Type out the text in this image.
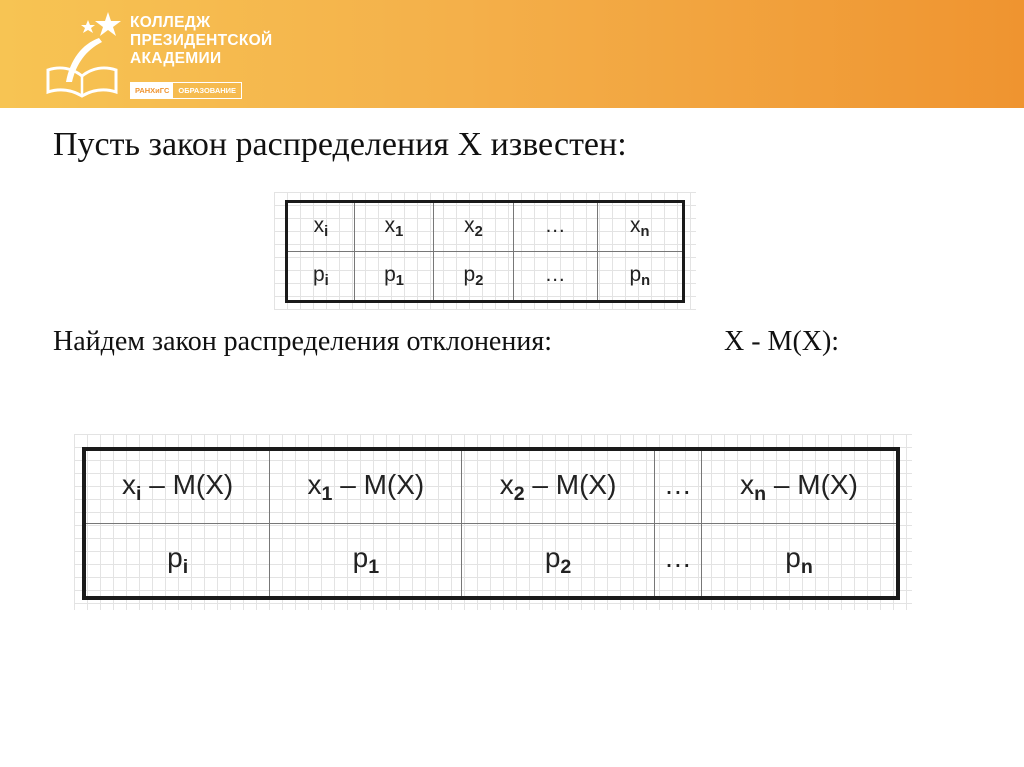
КОЛЛЕДЖ
ПРЕЗИДЕНТСКОЙ
АКАДЕМИИ
РАНХиГС	ОБРАЗОВАНИЕ
Пусть закон распределения X известен:
$x_i$	$x_1$	$x_2$	…	$x_n$
$p_i$	$p_1$	$p_2$	…	$p_n$
Найдем закон распределения отклонения:	X - M(X):
$x_i - M(X)$	$x_1 - M(X)$	$x_2 - M(X)$	…	$x_n - M(X)$
$p_i$	$p_1$	$p_2$	…	$p_n$
